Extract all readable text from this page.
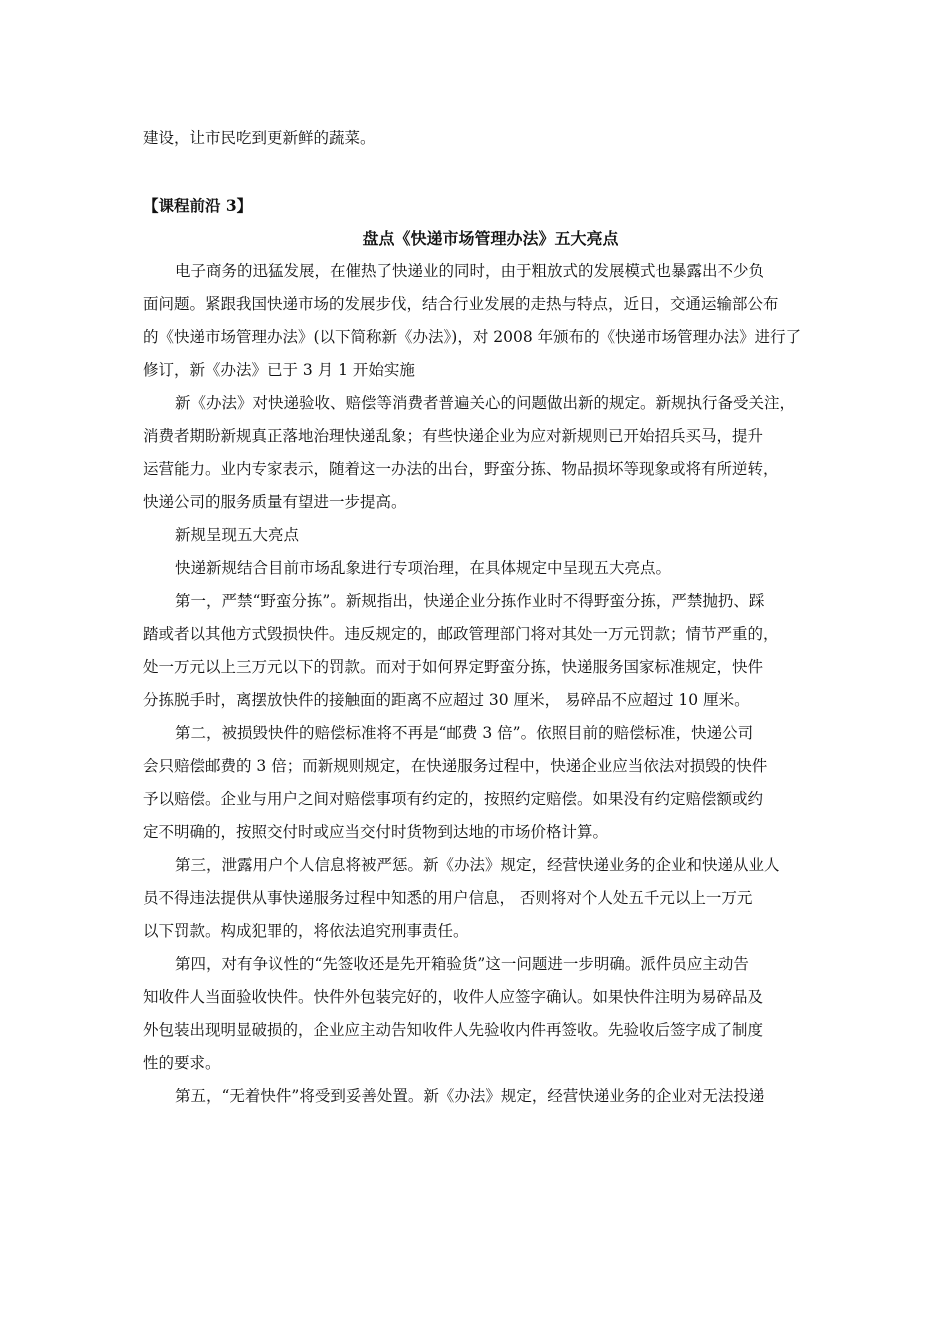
建设，让市民吃到更新鲜的蔬菜。
【课程前沿 3】
盘点《快递市场管理办法》五大亮点
电子商务的迅猛发展，在催热了快递业的同时，由于粗放式的发展模式也暴露出不少负
面问题。紧跟我国快递市场的发展步伐，结合行业发展的走热与特点，近日，交通运输部公布
的《快递市场管理办法》(以下简称新《办法》)，对 2008 年颁布的《快递市场管理办法》进行了
修订，新《办法》已于 3 月 1 开始实施
新《办法》对快递验收、赔偿等消费者普遍关心的问题做出新的规定。新规执行备受关注，
消费者期盼新规真正落地治理快递乱象；有些快递企业为应对新规则已开始招兵买马，提升
运营能力。业内专家表示，随着这一办法的出台，野蛮分拣、物品损坏等现象或将有所逆转，
快递公司的服务质量有望进一步提高。
新规呈现五大亮点
快递新规结合目前市场乱象进行专项治理，在具体规定中呈现五大亮点。
第一，严禁“野蛮分拣”。新规指出，快递企业分拣作业时不得野蛮分拣，严禁抛扔、踩
踏或者以其他方式毁损快件。违反规定的，邮政管理部门将对其处一万元罚款；情节严重的，
处一万元以上三万元以下的罚款。而对于如何界定野蛮分拣，快递服务国家标准规定，快件
分拣脱手时，离摆放快件的接触面的距离不应超过 30 厘米， 易碎品不应超过 10 厘米。
第二，被损毁快件的赔偿标准将不再是“邮费 3 倍”。依照目前的赔偿标准，快递公司
会只赔偿邮费的 3 倍；而新规则规定，在快递服务过程中，快递企业应当依法对损毁的快件
予以赔偿。企业与用户之间对赔偿事项有约定的，按照约定赔偿。如果没有约定赔偿额或约
定不明确的，按照交付时或应当交付时货物到达地的市场价格计算。
第三，泄露用户个人信息将被严惩。新《办法》规定，经营快递业务的企业和快递从业人
员不得违法提供从事快递服务过程中知悉的用户信息， 否则将对个人处五千元以上一万元
以下罚款。构成犯罪的，将依法追究刑事责任。
第四，对有争议性的“先签收还是先开箱验货”这一问题进一步明确。派件员应主动告
知收件人当面验收快件。快件外包装完好的，收件人应签字确认。如果快件注明为易碎品及
外包装出现明显破损的，企业应主动告知收件人先验收内件再签收。先验收后签字成了制度
性的要求。
第五，“无着快件”将受到妥善处置。新《办法》规定，经营快递业务的企业对无法投递
